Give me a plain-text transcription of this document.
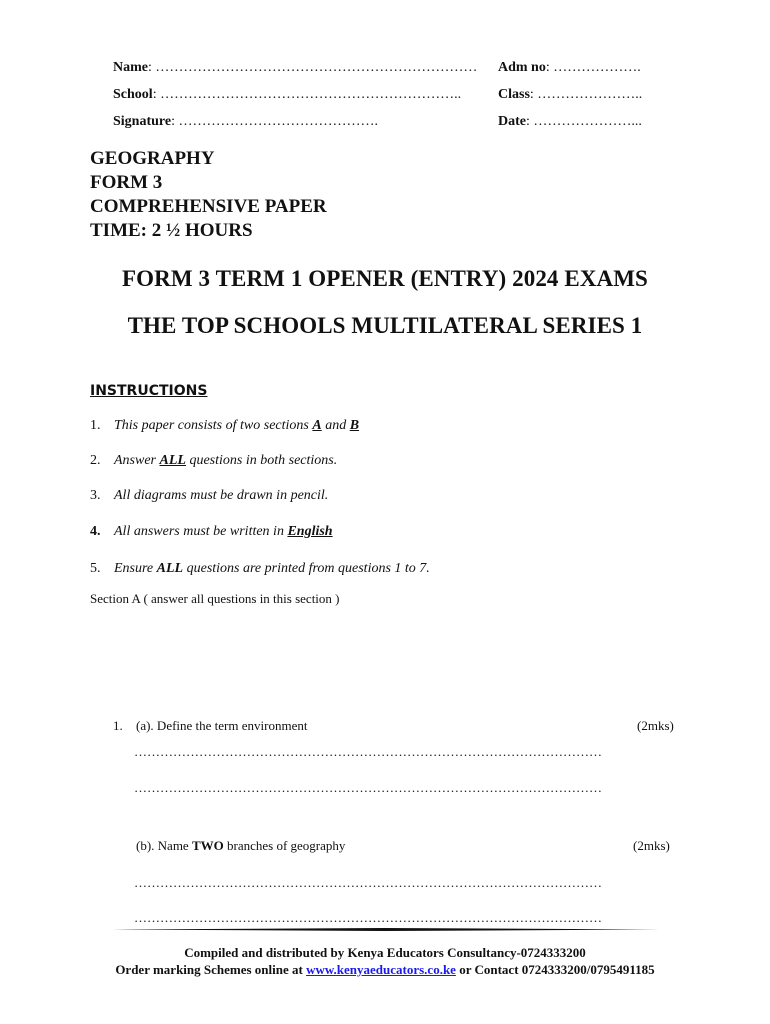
Name: …………………………………………………………… Adm no: ……………….
School: ………………………………………………………..	Class: …………………..
Signature: …………………………………….	Date: …………………...
GEOGRAPHY
FORM 3
COMPREHENSIVE PAPER
TIME: 2 ½ HOURS
FORM 3 TERM 1 OPENER (ENTRY) 2024 EXAMS
THE TOP SCHOOLS MULTILATERAL SERIES 1
INSTRUCTIONS
1. This paper consists of two sections A and B
2. Answer ALL questions in both sections.
3. All diagrams must be drawn in pencil.
4. All answers must be written in English
5. Ensure ALL questions are printed from questions 1 to 7.
Section A ( answer all questions in this section )
1. (a). Define the term environment	(2mks)
………………………………………………………………………………………………
………………………………………………………………………………………………
(b). Name TWO branches of geography	(2mks)
………………………………………………………………………………………………
………………………………………………………………………………………………
Compiled and distributed by Kenya Educators Consultancy-0724333200
Order marking Schemes online at www.kenyaeducators.co.ke or Contact 0724333200/0795491185
